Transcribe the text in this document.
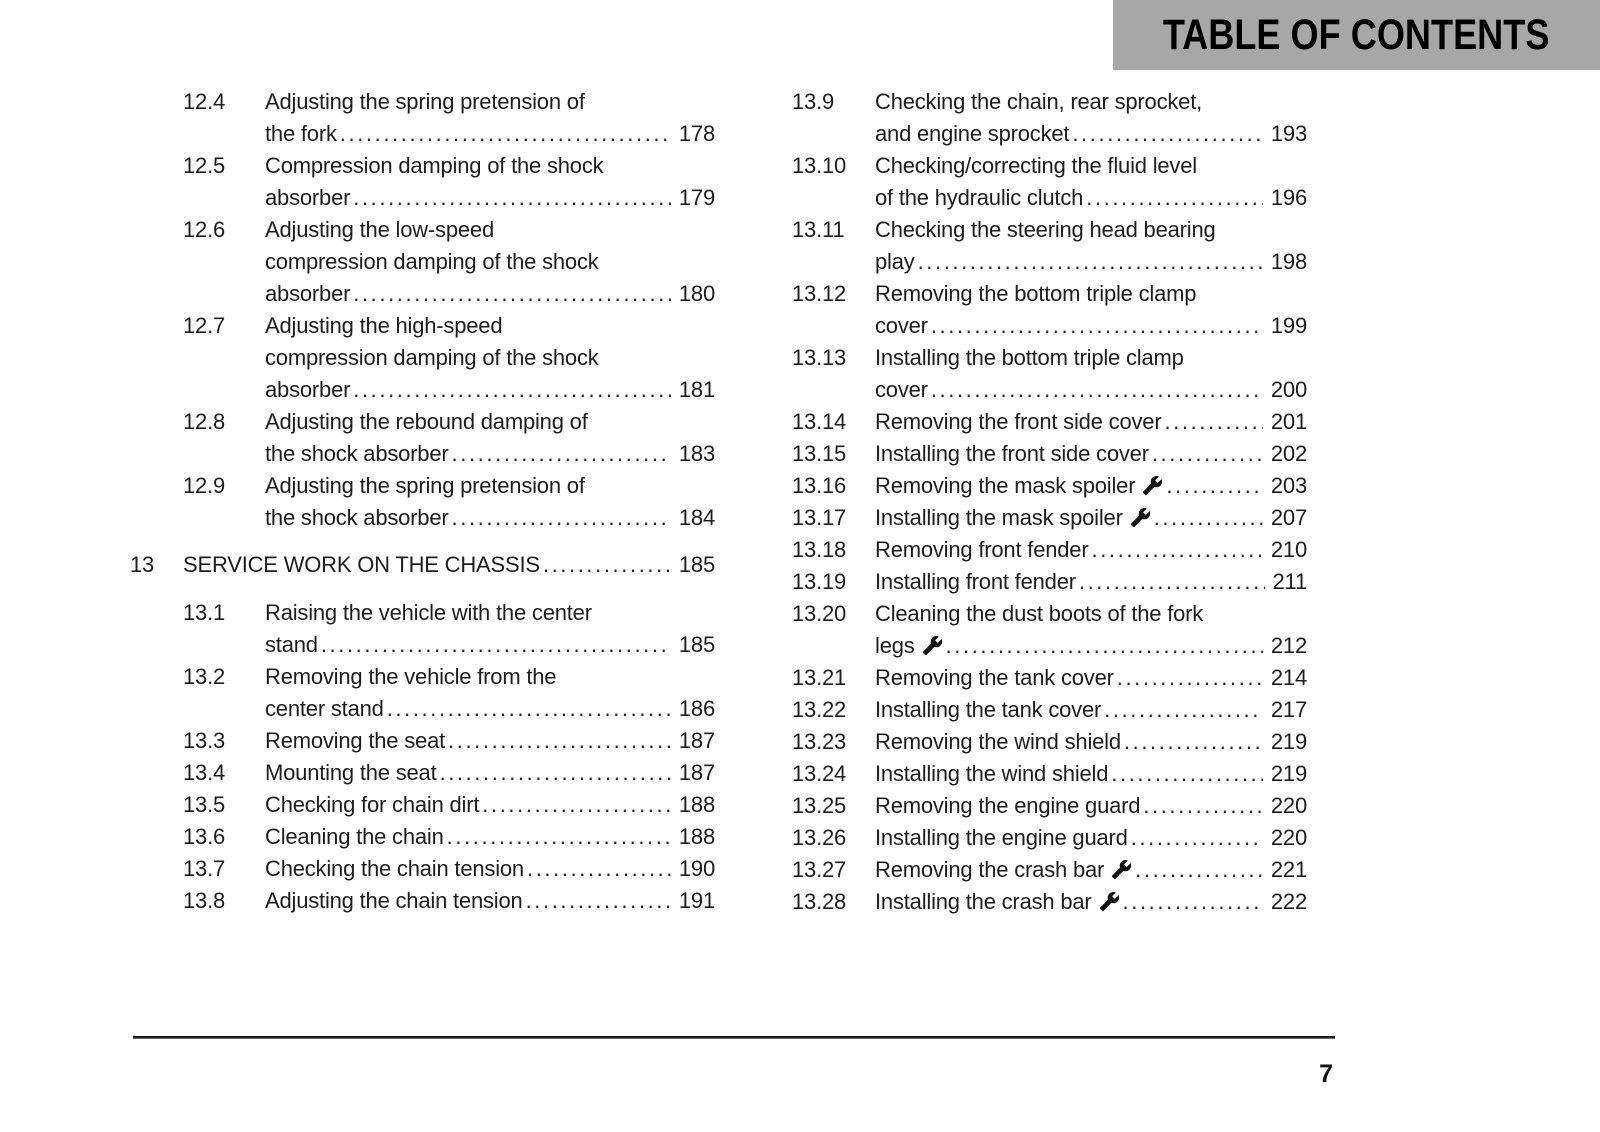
TABLE OF CONTENTS
12.4	Adjusting the spring pretension of
the fork .....	178
12.5	Compression damping of the shock
absorber .....	179
12.6	Adjusting the low-speed
compression damping of the shock
absorber .....	180
12.7	Adjusting the high-speed
compression damping of the shock
absorber .....	181
12.8	Adjusting the rebound damping of
the shock absorber .....	183
12.9	Adjusting the spring pretension of
the shock absorber .....	184
13	SERVICE WORK ON THE CHASSIS .....	185
13.1	Raising the vehicle with the center
stand .....	185
13.2	Removing the vehicle from the
center stand .....	186
13.3	Removing the seat .....	187
13.4	Mounting the seat .....	187
13.5	Checking for chain dirt .....	188
13.6	Cleaning the chain .....	188
13.7	Checking the chain tension .....	190
13.8	Adjusting the chain tension .....	191
13.9	Checking the chain, rear sprocket,
and engine sprocket .....	193
13.10	Checking/correcting the fluid level
of the hydraulic clutch .....	196
13.11	Checking the steering head bearing
play .....	198
13.12	Removing the bottom triple clamp
cover .....	199
13.13	Installing the bottom triple clamp
cover .....	200
13.14	Removing the front side cover .....	201
13.15	Installing the front side cover .....	202
13.16	Removing the mask spoiler .....	203
13.17	Installing the mask spoiler .....	207
13.18	Removing front fender .....	210
13.19	Installing front fender .....	211
13.20	Cleaning the dust boots of the fork
legs .....	212
13.21	Removing the tank cover .....	214
13.22	Installing the tank cover .....	217
13.23	Removing the wind shield .....	219
13.24	Installing the wind shield .....	219
13.25	Removing the engine guard .....	220
13.26	Installing the engine guard .....	220
13.27	Removing the crash bar .....	221
13.28	Installing the crash bar .....	222
7
